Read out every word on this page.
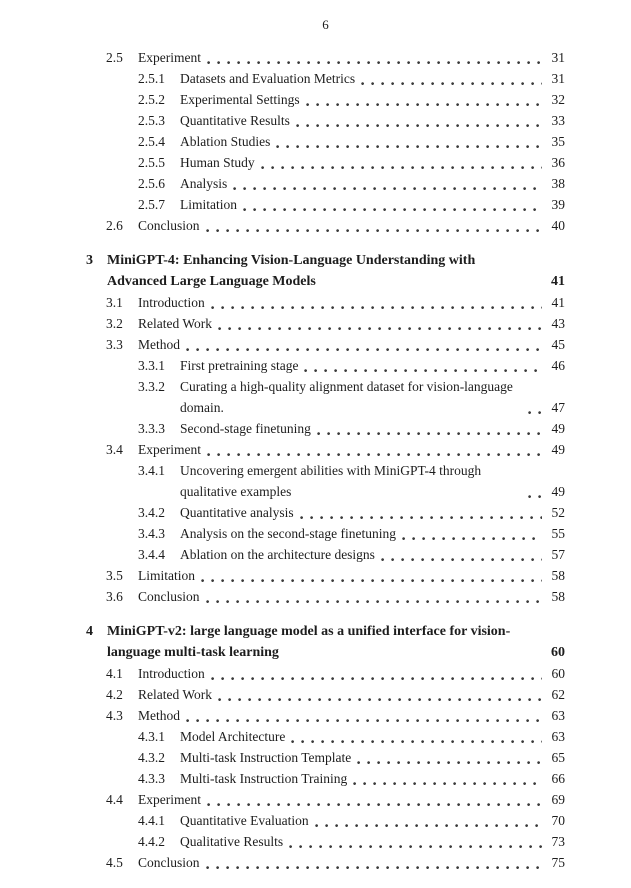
6
2.5	Experiment	31
2.5.1	Datasets and Evaluation Metrics	31
2.5.2	Experimental Settings	32
2.5.3	Quantitative Results	33
2.5.4	Ablation Studies	35
2.5.5	Human Study	36
2.5.6	Analysis	38
2.5.7	Limitation	39
2.6	Conclusion	40
3	MiniGPT-4: Enhancing Vision-Language Understanding with Advanced Large Language Models	41
3.1	Introduction	41
3.2	Related Work	43
3.3	Method	45
3.3.1	First pretraining stage	46
3.3.2	Curating a high-quality alignment dataset for vision-language domain.	47
3.3.3	Second-stage finetuning	49
3.4	Experiment	49
3.4.1	Uncovering emergent abilities with MiniGPT-4 through qualitative examples	49
3.4.2	Quantitative analysis	52
3.4.3	Analysis on the second-stage finetuning	55
3.4.4	Ablation on the architecture designs	57
3.5	Limitation	58
3.6	Conclusion	58
4	MiniGPT-v2: large language model as a unified interface for vision-language multi-task learning	60
4.1	Introduction	60
4.2	Related Work	62
4.3	Method	63
4.3.1	Model Architecture	63
4.3.2	Multi-task Instruction Template	65
4.3.3	Multi-task Instruction Training	66
4.4	Experiment	69
4.4.1	Quantitative Evaluation	70
4.4.2	Qualitative Results	73
4.5	Conclusion	75
